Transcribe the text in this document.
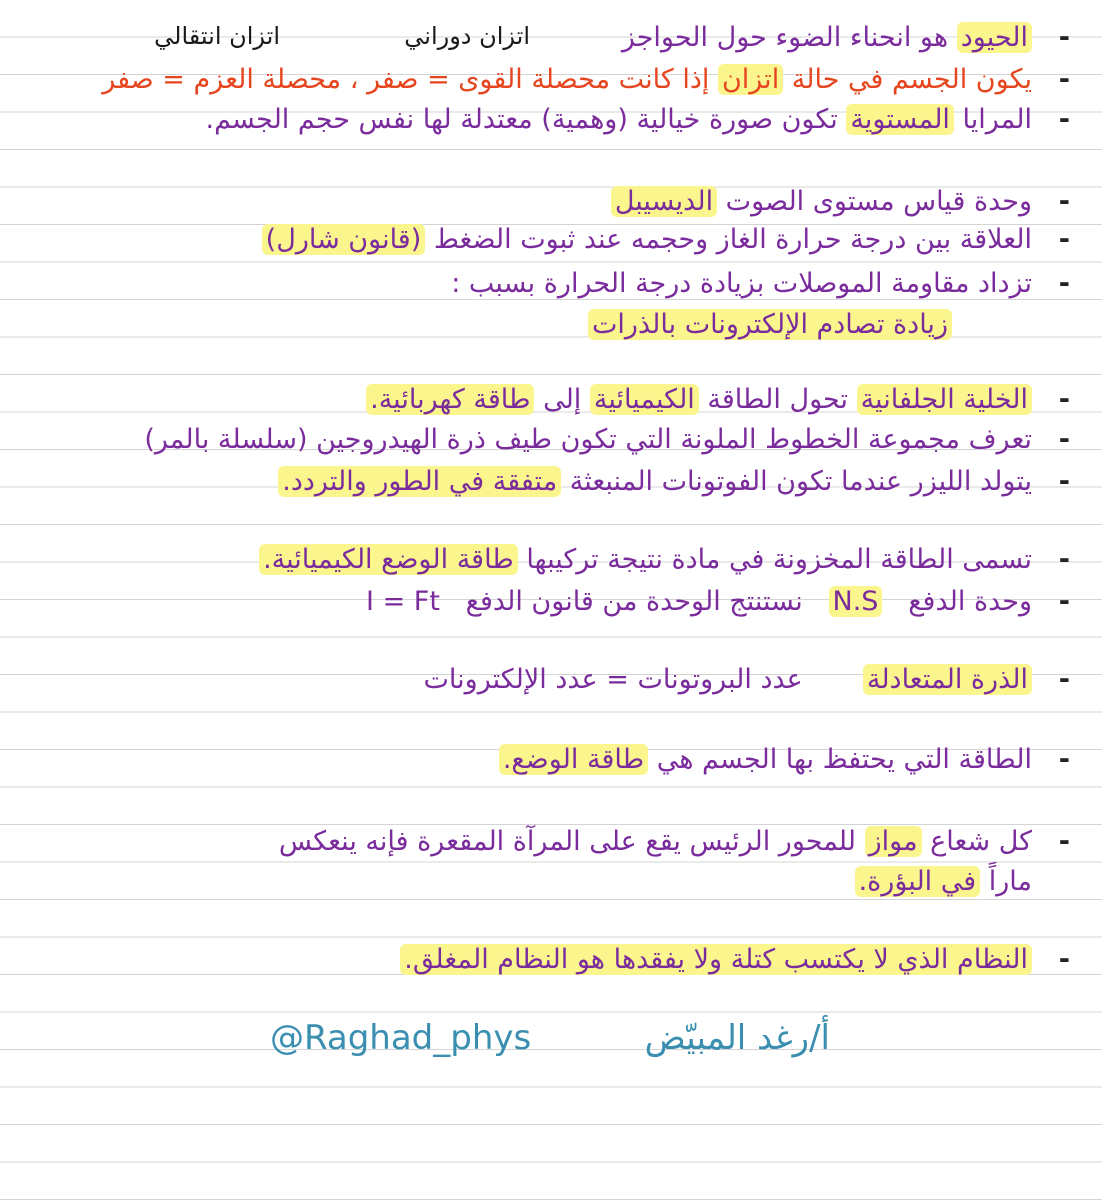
اتزان دوراني
اتزان انتقالي	-
الحيود هو انحناء الضوء حول الحواجز
-
يكون الجسم في حالة اتزان إذا كانت محصلة القوى = صفر ، محصلة العزم = صفر
-
المرايا المستوية تكون صورة خيالية (وهمية) معتدلة لها نفس حجم الجسم.
-
وحدة قياس مستوى الصوت الديسيبل
-
العلاقة بين درجة حرارة الغاز وحجمه عند ثبوت الضغط (قانون شارل)
-
تزداد مقاومة الموصلات بزيادة درجة الحرارة بسبب :
زيادة تصادم الإلكترونات بالذرات
-
الخلية الجلفانية تحول الطاقة الكيميائية إلى طاقة كهربائية.
-
تعرف مجموعة الخطوط الملونة التي تكون طيف ذرة الهيدروجين (سلسلة بالمر)
-
يتولد الليزر عندما تكون الفوتونات المنبعثة متفقة في الطور والتردد.
-
تسمى الطاقة المخزونة في مادة نتيجة تركيبها طاقة الوضع الكيميائية.
-
وحدة الدفع   N.S   نستنتج الوحدة من قانون الدفع   I = Ft
-
الذرة المتعادلة       عدد البروتونات = عدد الإلكترونات
-
الطاقة التي يحتفظ بها الجسم هي طاقة الوضع.
-
كل شعاع مواز للمحور الرئيس يقع على المرآة المقعرة فإنه ينعكس
ماراً في البؤرة.
-
النظام الذي لا يكتسب كتلة ولا يفقدها هو النظام المغلق.
أ/رغد المبيّض
@Raghad_phys
